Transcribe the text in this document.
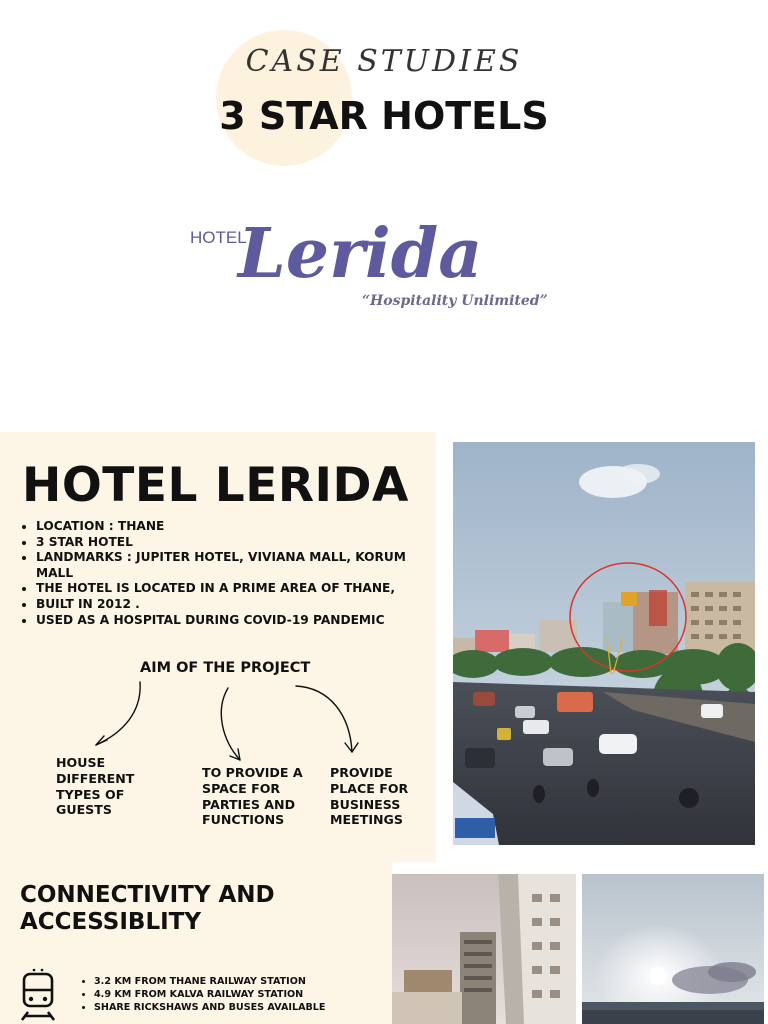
CASE STUDIES
3 STAR HOTELS
HOTEL
Lerida
“Hospitality Unlimited”
HOTEL LERIDA
• LOCATION : THANE
• 3 STAR HOTEL
• LANDMARKS : JUPITER HOTEL, VIVIANA MALL, KORUM MALL
• THE HOTEL IS LOCATED IN A PRIME AREA OF THANE,
• BUILT IN 2012 .
• USED AS A HOSPITAL DURING COVID-19 PANDEMIC
AIM OF THE PROJECT
HOUSE DIFFERENT TYPES OF GUESTS
TO PROVIDE A SPACE FOR PARTIES AND FUNCTIONS
PROVIDE PLACE FOR BUSINESS MEETINGS
CONNECTIVITY AND ACCESSIBLITY
• 3.2 KM FROM THANE RAILWAY STATION
• 4.9 KM FROM KALVA RAILWAY STATION
• SHARE RICKSHAWS AND BUSES AVAILABLE
